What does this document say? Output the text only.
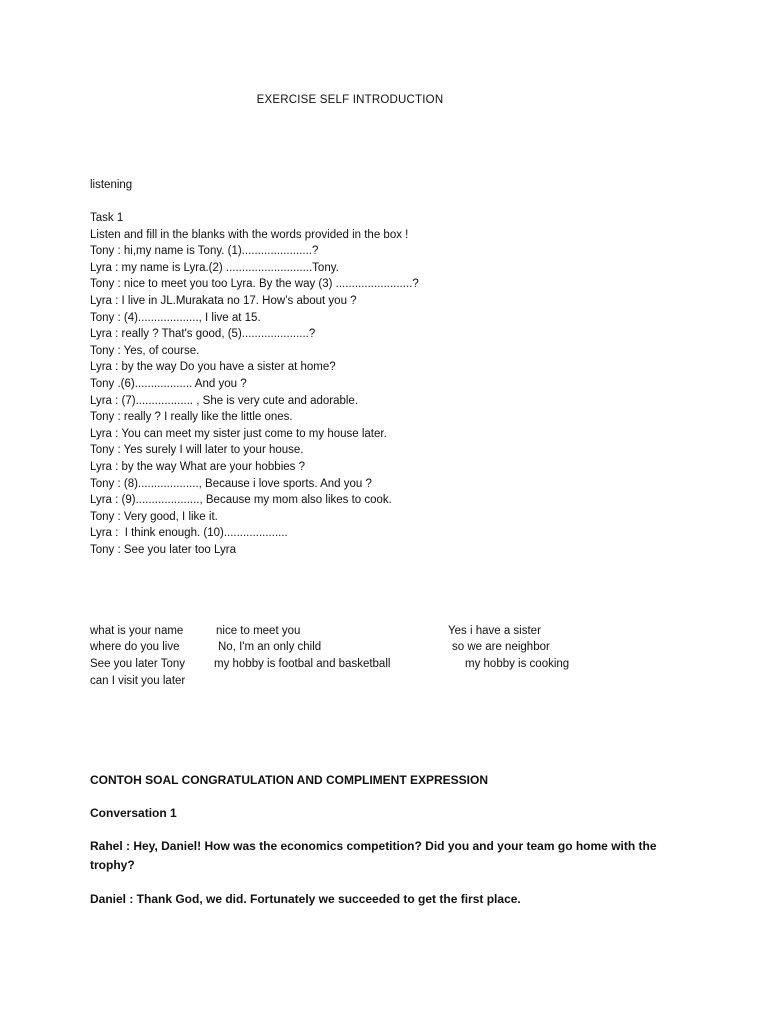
EXERCISE SELF INTRODUCTION
listening
Task 1
Listen and fill in the blanks with the words provided in the box !
Tony : hi,my name is Tony. (1)......................?
Lyra : my name is Lyra.(2) ...........................Tony.
Tony : nice to meet you too Lyra. By the way (3) ........................?
Lyra : I live in JL.Murakata no 17. How’s about you ?
Tony : (4)..................., I live at 15.
Lyra : really ? That's good, (5).....................?
Tony : Yes, of course.
Lyra : by the way Do you have a sister at home?
Tony .(6).................. And you ?
Lyra : (7).................. , She is very cute and adorable.
Tony : really ? I really like the little ones.
Lyra : You can meet my sister just come to my house later.
Tony : Yes surely I will later to your house.
Lyra : by the way What are your hobbies ?
Tony : (8)..................., Because i love sports. And you ?
Lyra : (9)...................., Because my mom also likes to cook.
Tony : Very good, I like it.
Lyra :  I think enough. (10)....................
Tony : See you later too Lyra
what is your name	nice to meet you	Yes i have a sister
where do you live	No, I'm an only child	so we are neighbor
See you later Tony	my hobby is footbal and basketball	my hobby is cooking
can I visit you later
CONTOH SOAL CONGRATULATION AND COMPLIMENT EXPRESSION
Conversation 1
Rahel : Hey, Daniel! How was the economics competition? Did you and your team go home with the trophy?
Daniel : Thank God, we did. Fortunately we succeeded to get the first place.
